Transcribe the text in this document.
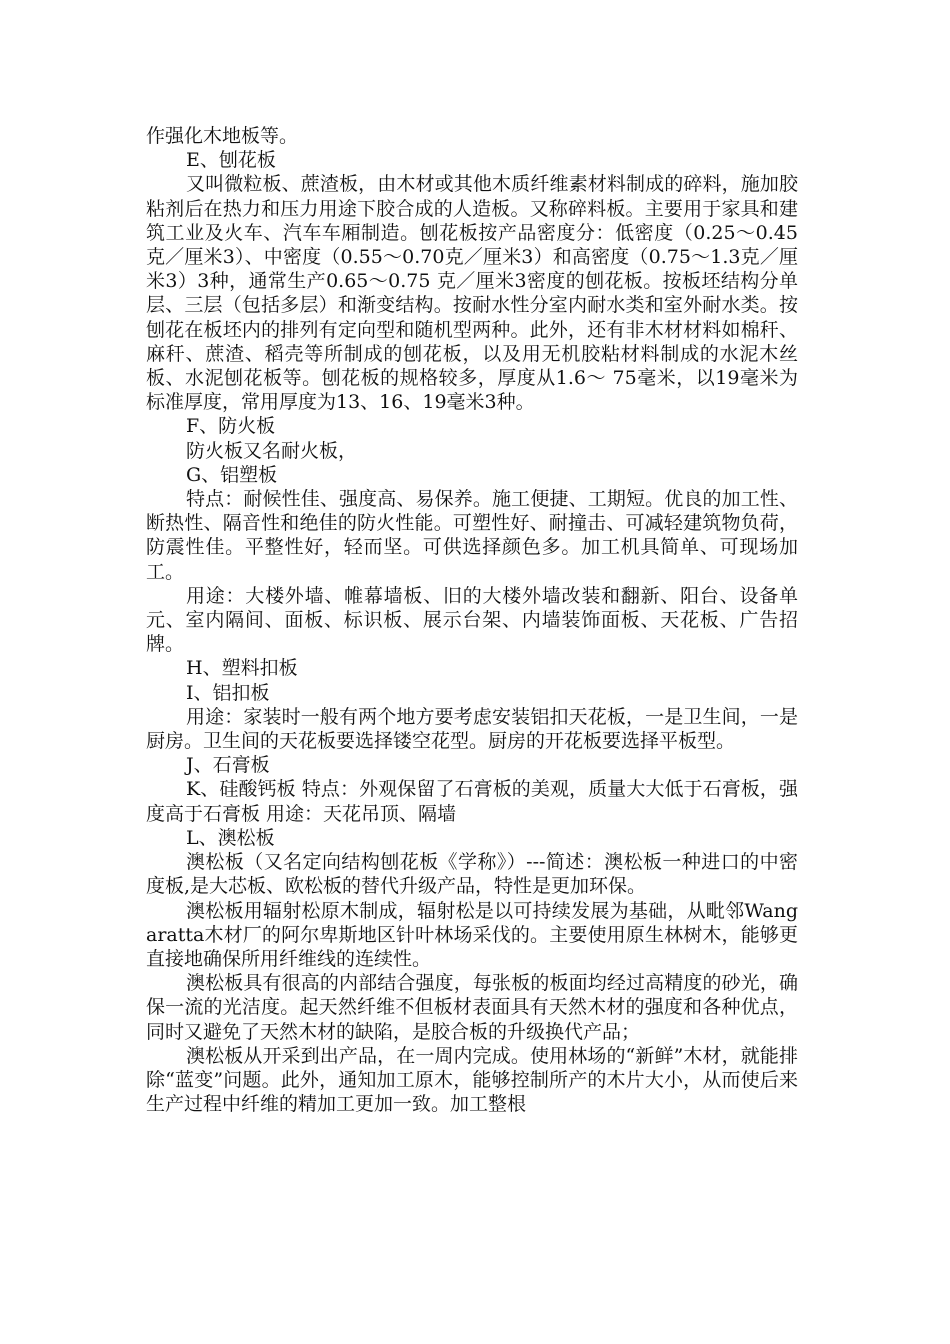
作强化木地板等。

E、刨花板

又叫微粒板、蔗渣板，由木材或其他木质纤维素材料制成的碎料，施加胶粘剂后在热力和压力用途下胶合成的人造板。又称碎料板。主要用于家具和建筑工业及火车、汽车车厢制造。刨花板按产品密度分：低密度（0.25～0.45克／厘米3）、中密度（0.55～0.70克／厘米3）和高密度（0.75～1.3克／厘米3）3种，通常生产0.65～0.75 克／厘米3密度的刨花板。按板坯结构分单层、三层（包括多层）和渐变结构。按耐水性分室内耐水类和室外耐水类。按刨花在板坯内的排列有定向型和随机型两种。此外，还有非木材材料如棉秆、麻秆、蔗渣、稻壳等所制成的刨花板，以及用无机胶粘材料制成的水泥木丝板、水泥刨花板等。刨花板的规格较多，厚度从1.6～ 75毫米，以19毫米为标准厚度，常用厚度为13、16、19毫米3种。

F、防火板

防火板又名耐火板，

G、铝塑板

特点：耐候性佳、强度高、易保养。施工便捷、工期短。优良的加工性、断热性、隔音性和绝佳的防火性能。可塑性好、耐撞击、可减轻建筑物负荷，防震性佳。平整性好，轻而坚。可供选择颜色多。加工机具简单、可现场加工。

用途：大楼外墙、帷幕墙板、旧的大楼外墙改装和翻新、阳台、设备单元、室内隔间、面板、标识板、展示台架、内墙装饰面板、天花板、广告招牌。

H、塑料扣板

I、铝扣板

用途：家装时一般有两个地方要考虑安装铝扣天花板，一是卫生间，一是厨房。卫生间的天花板要选择镂空花型。厨房的开花板要选择平板型。

J、石膏板

K、硅酸钙板 特点：外观保留了石膏板的美观，质量大大低于石膏板，强度高于石膏板 用途：天花吊顶、隔墙

L、澳松板

澳松板（又名定向结构刨花板《学称》）---简述：澳松板一种进口的中密度板,是大芯板、欧松板的替代升级产品，特性是更加环保。

澳松板用辐射松原木制成，辐射松是以可持续发展为基础，从毗邻Wangaratta木材厂的阿尔卑斯地区针叶林场采伐的。主要使用原生林树木，能够更直接地确保所用纤维线的连续性。

澳松板具有很高的内部结合强度，每张板的板面均经过高精度的砂光，确保一流的光洁度。起天然纤维不但板材表面具有天然木材的强度和各种优点，同时又避免了天然木材的缺陷，是胶合板的升级换代产品；

澳松板从开采到出产品，在一周内完成。使用林场的“新鲜”木材，就能排除“蓝变”问题。此外，通知加工原木，能够控制所产的木片大小，从而使后来生产过程中纤维的精加工更加一致。加工整根
